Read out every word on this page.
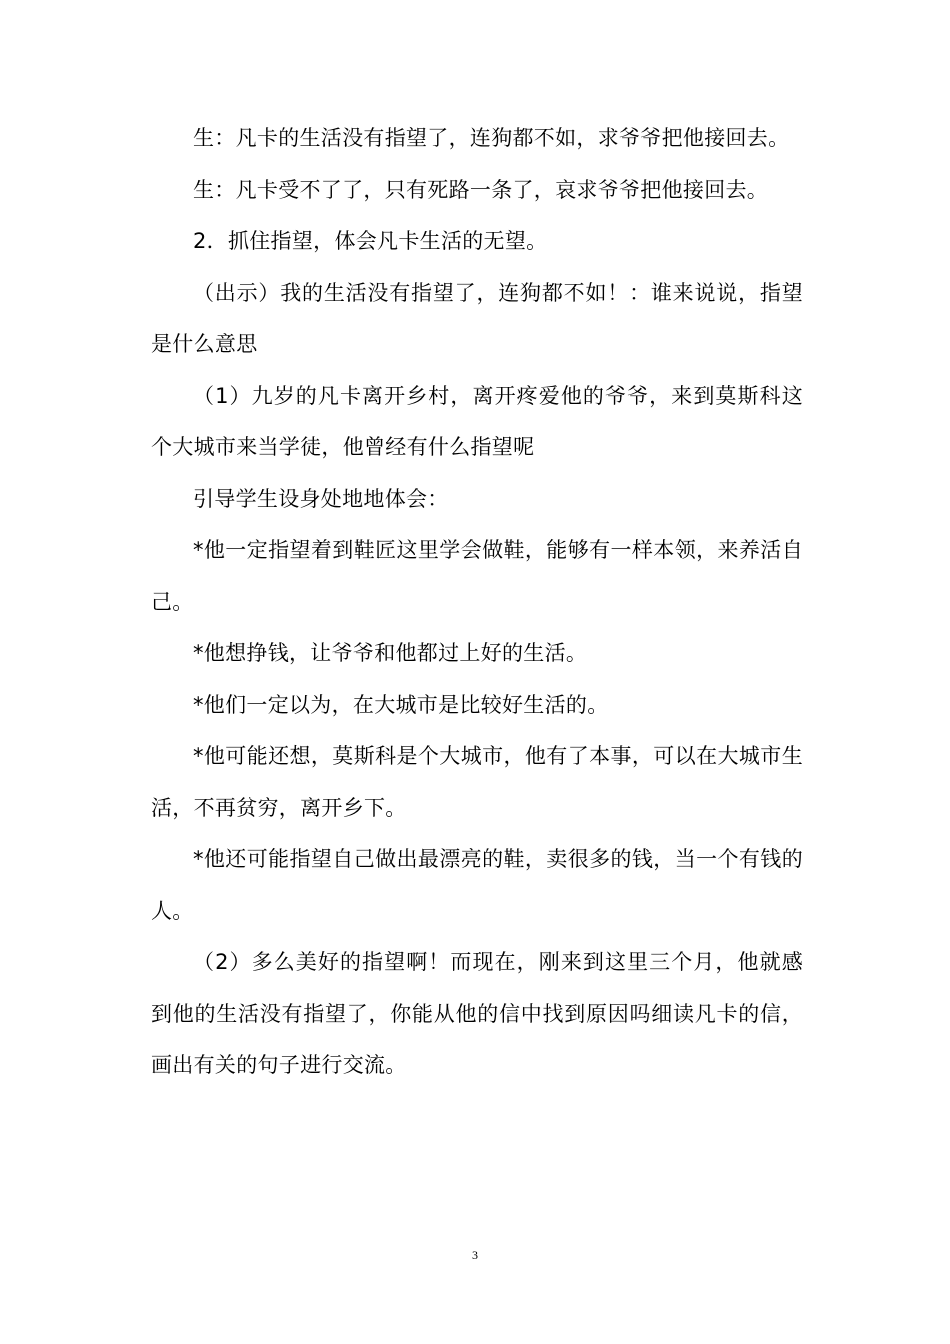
生：凡卡的生活没有指望了，连狗都不如，求爷爷把他接回去。

生：凡卡受不了了，只有死路一条了，哀求爷爷把他接回去。

2．抓住指望，体会凡卡生活的无望。

（出示）我的生活没有指望了，连狗都不如！：谁来说说，指望是什么意思

（1）九岁的凡卡离开乡村，离开疼爱他的爷爷，来到莫斯科这个大城市来当学徒，他曾经有什么指望呢

引导学生设身处地地体会：

*他一定指望着到鞋匠这里学会做鞋，能够有一样本领，来养活自己。

*他想挣钱，让爷爷和他都过上好的生活。

*他们一定以为，在大城市是比较好生活的。

*他可能还想，莫斯科是个大城市，他有了本事，可以在大城市生活，不再贫穷，离开乡下。

*他还可能指望自己做出最漂亮的鞋，卖很多的钱，当一个有钱的人。

（2）多么美好的指望啊！而现在，刚来到这里三个月，他就感到他的生活没有指望了，你能从他的信中找到原因吗细读凡卡的信，画出有关的句子进行交流。

3
